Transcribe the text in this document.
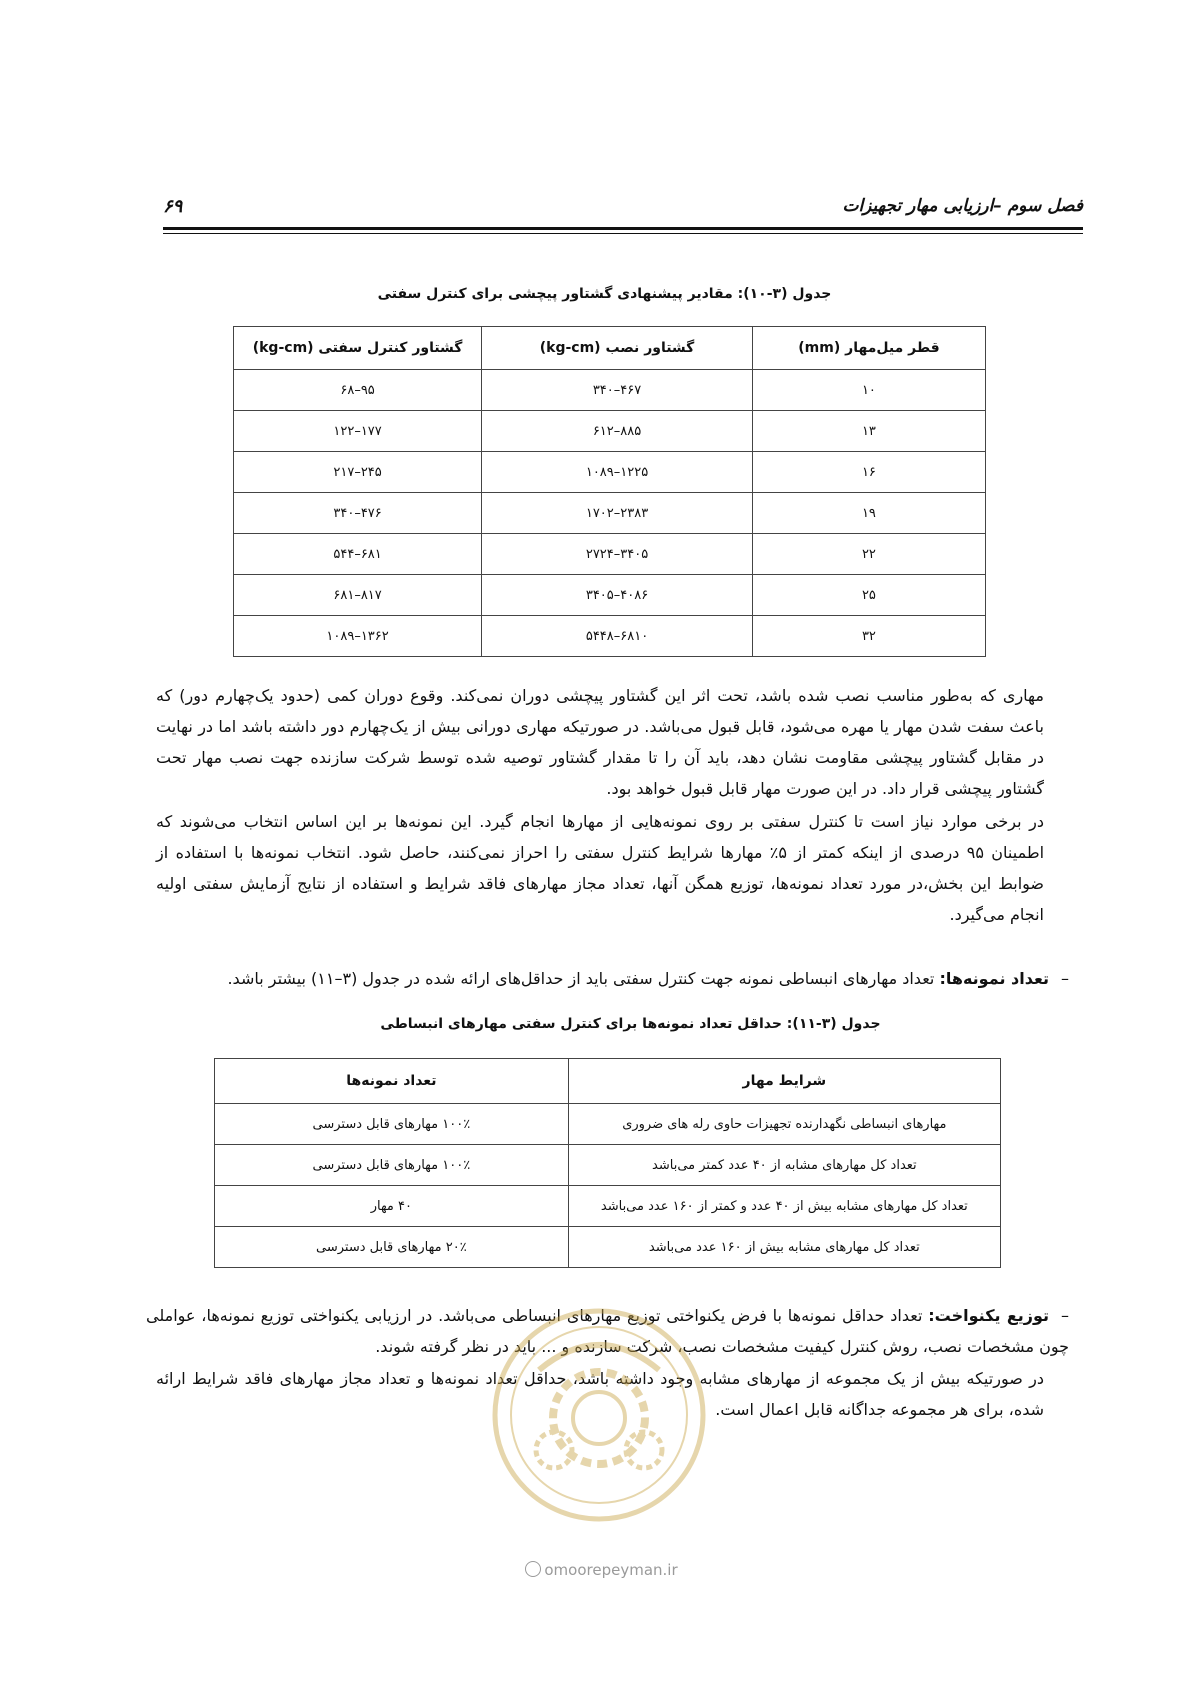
فصل سوم –ارزیابی مهار تجهیزات
۶۹
جدول (۳-۱۰): مقادیر پیشنهادی گشتاور پیچشی برای کنترل سفتی
قطر میل‌مهار (mm)	گشتاور نصب (kg-cm)	گشتاور کنترل سفتی (kg-cm)
۱۰	۴۶۷–۳۴۰	۹۵–۶۸
۱۳	۸۸۵–۶۱۲	۱۷۷–۱۲۲
۱۶	۱۲۲۵–۱۰۸۹	۲۴۵–۲۱۷
۱۹	۲۳۸۳–۱۷۰۲	۴۷۶–۳۴۰
۲۲	۳۴۰۵–۲۷۲۴	۶۸۱–۵۴۴
۲۵	۴۰۸۶–۳۴۰۵	۸۱۷–۶۸۱
۳۲	۶۸۱۰–۵۴۴۸	۱۳۶۲–۱۰۸۹
مهاری که به‌طور مناسب نصب شده باشد، تحت اثر این گشتاور پیچشی دوران نمی‌کند. وقوع دوران کمی (حدود یک‌چهارم دور) که باعث سفت شدن مهار یا مهره می‌شود، قابل قبول می‌باشد. در صورتیکه مهاری دورانی بیش از یک‌چهارم دور داشته باشد اما در نهایت در مقابل گشتاور پیچشی مقاومت نشان دهد، باید آن را تا مقدار گشتاور توصیه شده توسط شرکت سازنده جهت نصب مهار تحت گشتاور پیچشی قرار داد. در این صورت مهار قابل قبول خواهد بود.
در برخی موارد نیاز است تا کنترل سفتی بر روی نمونه‌هایی از مهارها انجام گیرد. این نمونه‌ها بر این اساس انتخاب می‌شوند که اطمینان ۹۵ درصدی از اینکه کمتر از ۵٪ مهارها شرایط کنترل سفتی را احراز نمی‌کنند، حاصل شود. انتخاب نمونه‌ها با استفاده از ضوابط این بخش،در مورد تعداد نمونه‌ها، توزیع همگن آنها، تعداد مجاز مهارهای فاقد شرایط و استفاده از نتایج آزمایش سفتی اولیه انجام می‌گیرد.
–تعداد نمونه‌ها: تعداد مهارهای انبساطی نمونه جهت کنترل سفتی باید از حداقل‌های ارائه شده در جدول (۳–۱۱) بیشتر باشد.
جدول (۳-۱۱): حداقل تعداد نمونه‌ها برای کنترل سفتی مهارهای انبساطی
شرایط مهار	تعداد نمونه‌ها
مهارهای انبساطی نگهدارنده تجهیزات حاوی رله های ضروری	۱۰۰٪ مهارهای قابل دسترسی
تعداد کل مهارهای مشابه از ۴۰ عدد کمتر می‌باشد	۱۰۰٪ مهارهای قابل دسترسی
تعداد کل مهارهای مشابه بیش از ۴۰ عدد و کمتر از ۱۶۰ عدد می‌باشد	۴۰ مهار
تعداد کل مهارهای مشابه بیش از ۱۶۰ عدد می‌باشد	۲۰٪ مهارهای قابل دسترسی
–توزیع یکنواخت: تعداد حداقل نمونه‌ها با فرض یکنواختی توزیع مهارهای انبساطی می‌باشد. در ارزیابی یکنواختی توزیع نمونه‌ها، عواملی چون مشخصات نصب، روش کنترل کیفیت مشخصات نصب، شرکت سازنده و ... باید در نظر گرفته شوند.
در صورتیکه بیش از یک مجموعه از مهارهای مشابه وجود داشته باشد، حداقل تعداد نمونه‌ها و تعداد مجاز مهارهای فاقد شرایط ارائه شده، برای هر مجموعه جداگانه قابل اعمال است.
omoorepeyman.ir
